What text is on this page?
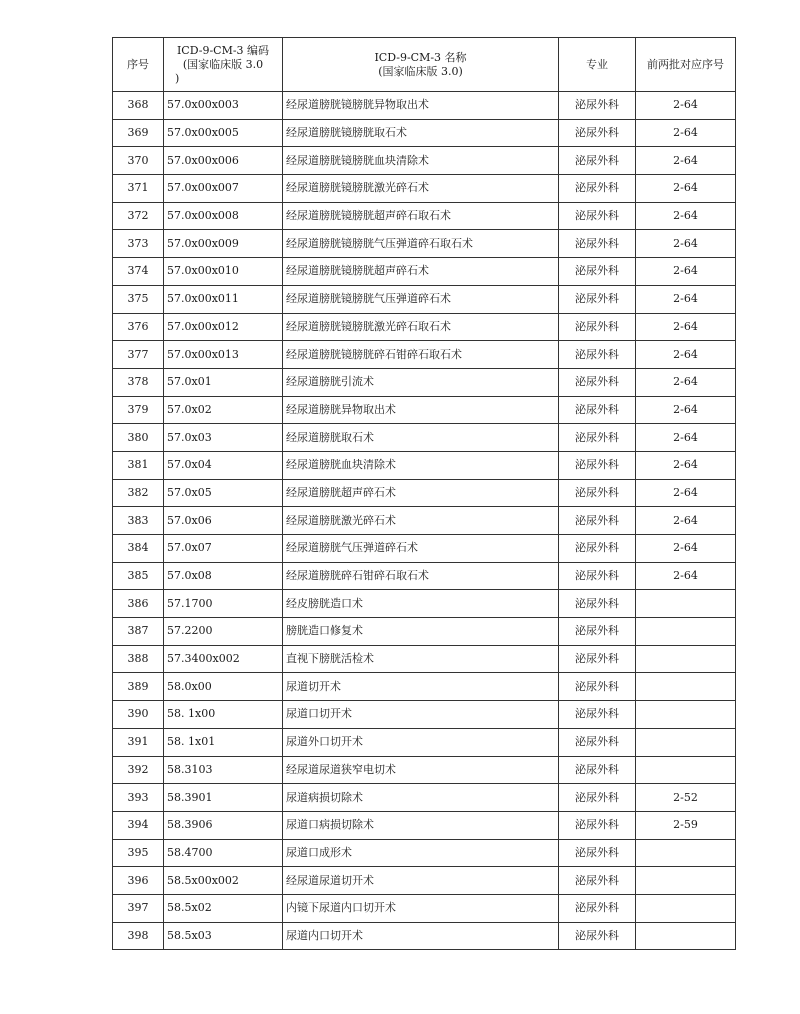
序号	ICD-9-CM-3 编码
(国家临床版 3.0
)	ICD-9-CM-3 名称
(国家临床版 3.0)	专业	前两批对应序号
368	57.0x00x003	经尿道膀胱镜膀胱异物取出术	泌尿外科	2-64
369	57.0x00x005	经尿道膀胱镜膀胱取石术	泌尿外科	2-64
370	57.0x00x006	经尿道膀胱镜膀胱血块清除术	泌尿外科	2-64
371	57.0x00x007	经尿道膀胱镜膀胱激光碎石术	泌尿外科	2-64
372	57.0x00x008	经尿道膀胱镜膀胱超声碎石取石术	泌尿外科	2-64
373	57.0x00x009	经尿道膀胱镜膀胱气压弹道碎石取石术	泌尿外科	2-64
374	57.0x00x010	经尿道膀胱镜膀胱超声碎石术	泌尿外科	2-64
375	57.0x00x011	经尿道膀胱镜膀胱气压弹道碎石术	泌尿外科	2-64
376	57.0x00x012	经尿道膀胱镜膀胱激光碎石取石术	泌尿外科	2-64
377	57.0x00x013	经尿道膀胱镜膀胱碎石钳碎石取石术	泌尿外科	2-64
378	57.0x01	经尿道膀胱引流术	泌尿外科	2-64
379	57.0x02	经尿道膀胱异物取出术	泌尿外科	2-64
380	57.0x03	经尿道膀胱取石术	泌尿外科	2-64
381	57.0x04	经尿道膀胱血块清除术	泌尿外科	2-64
382	57.0x05	经尿道膀胱超声碎石术	泌尿外科	2-64
383	57.0x06	经尿道膀胱激光碎石术	泌尿外科	2-64
384	57.0x07	经尿道膀胱气压弹道碎石术	泌尿外科	2-64
385	57.0x08	经尿道膀胱碎石钳碎石取石术	泌尿外科	2-64
386	57.1700	经皮膀胱造口术	泌尿外科	
387	57.2200	膀胱造口修复术	泌尿外科	
388	57.3400x002	直视下膀胱活检术	泌尿外科	
389	58.0x00	尿道切开术	泌尿外科	
390	58. 1x00	尿道口切开术	泌尿外科	
391	58. 1x01	尿道外口切开术	泌尿外科	
392	58.3103	经尿道尿道狭窄电切术	泌尿外科	
393	58.3901	尿道病损切除术	泌尿外科	2-52
394	58.3906	尿道口病损切除术	泌尿外科	2-59
395	58.4700	尿道口成形术	泌尿外科	
396	58.5x00x002	经尿道尿道切开术	泌尿外科	
397	58.5x02	内镜下尿道内口切开术	泌尿外科	
398	58.5x03	尿道内口切开术	泌尿外科	
